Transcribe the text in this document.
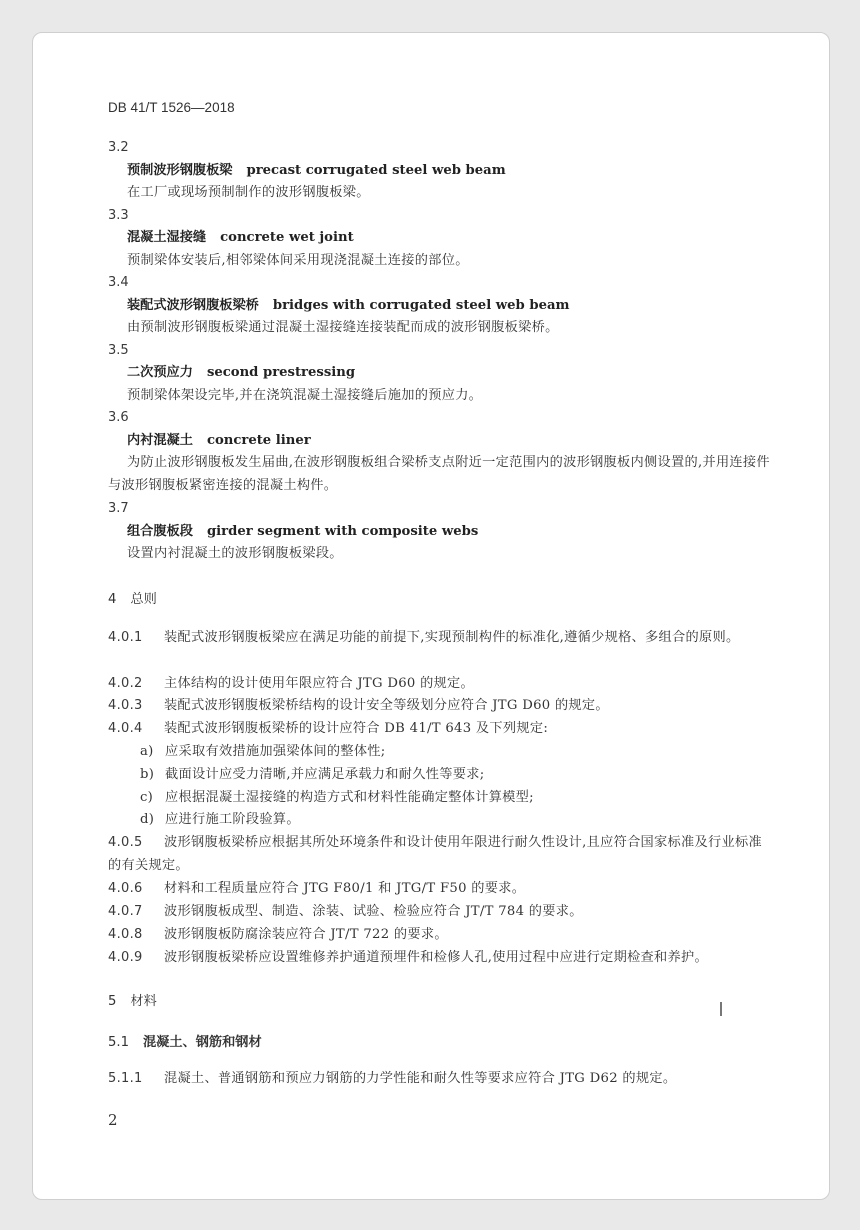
DB 41/T 1526—2018
3.2
预制波形钢腹板梁 precast corrugated steel web beam
在工厂或现场预制制作的波形钢腹板梁。
3.3
混凝土湿接缝 concrete wet joint
预制梁体安装后,相邻梁体间采用现浇混凝土连接的部位。
3.4
装配式波形钢腹板梁桥 bridges with corrugated steel web beam
由预制波形钢腹板梁通过混凝土湿接缝连接装配而成的波形钢腹板梁桥。
3.5
二次预应力 second prestressing
预制梁体架设完毕,并在浇筑混凝土湿接缝后施加的预应力。
3.6
内衬混凝土 concrete liner
为防止波形钢腹板发生届曲,在波形钢腹板组合梁桥支点附近一定范围内的波形钢腹板内侧设置的,并用连接件与波形钢腹板紧密连接的混凝土构件。
3.7
组合腹板段 girder segment with composite webs
设置内衬混凝土的波形钢腹板梁段。
4 总则
4.0.1 装配式波形钢腹板梁应在满足功能的前提下,实现预制构件的标准化,遵循少规格、多组合的原则。
4.0.2 主体结构的设计使用年限应符合 JTG D60 的规定。
4.0.3 装配式波形钢腹板梁桥结构的设计安全等级划分应符合 JTG D60 的规定。
4.0.4 装配式波形钢腹板梁桥的设计应符合 DB 41/T 643 及下列规定:
a) 应采取有效措施加强梁体间的整体性;
b) 截面设计应受力清晰,并应满足承载力和耐久性等要求;
c) 应根据混凝土湿接缝的构造方式和材料性能确定整体计算模型;
d) 应进行施工阶段验算。
4.0.5 波形钢腹板梁桥应根据其所处环境条件和设计使用年限进行耐久性设计,且应符合国家标准及行业标准的有关规定。
4.0.6 材料和工程质量应符合 JTG F80/1 和 JTG/T F50 的要求。
4.0.7 波形钢腹板成型、制造、涂装、试验、检验应符合 JT/T 784 的要求。
4.0.8 波形钢腹板防腐涂装应符合 JT/T 722 的要求。
4.0.9 波形钢腹板梁桥应设置维修养护通道预埋件和检修人孔,使用过程中应进行定期检查和养护。
5 材料
5.1 混凝土、钢筋和钢材
5.1.1 混凝土、普通钢筋和预应力钢筋的力学性能和耐久性等要求应符合 JTG D62 的规定。
2
